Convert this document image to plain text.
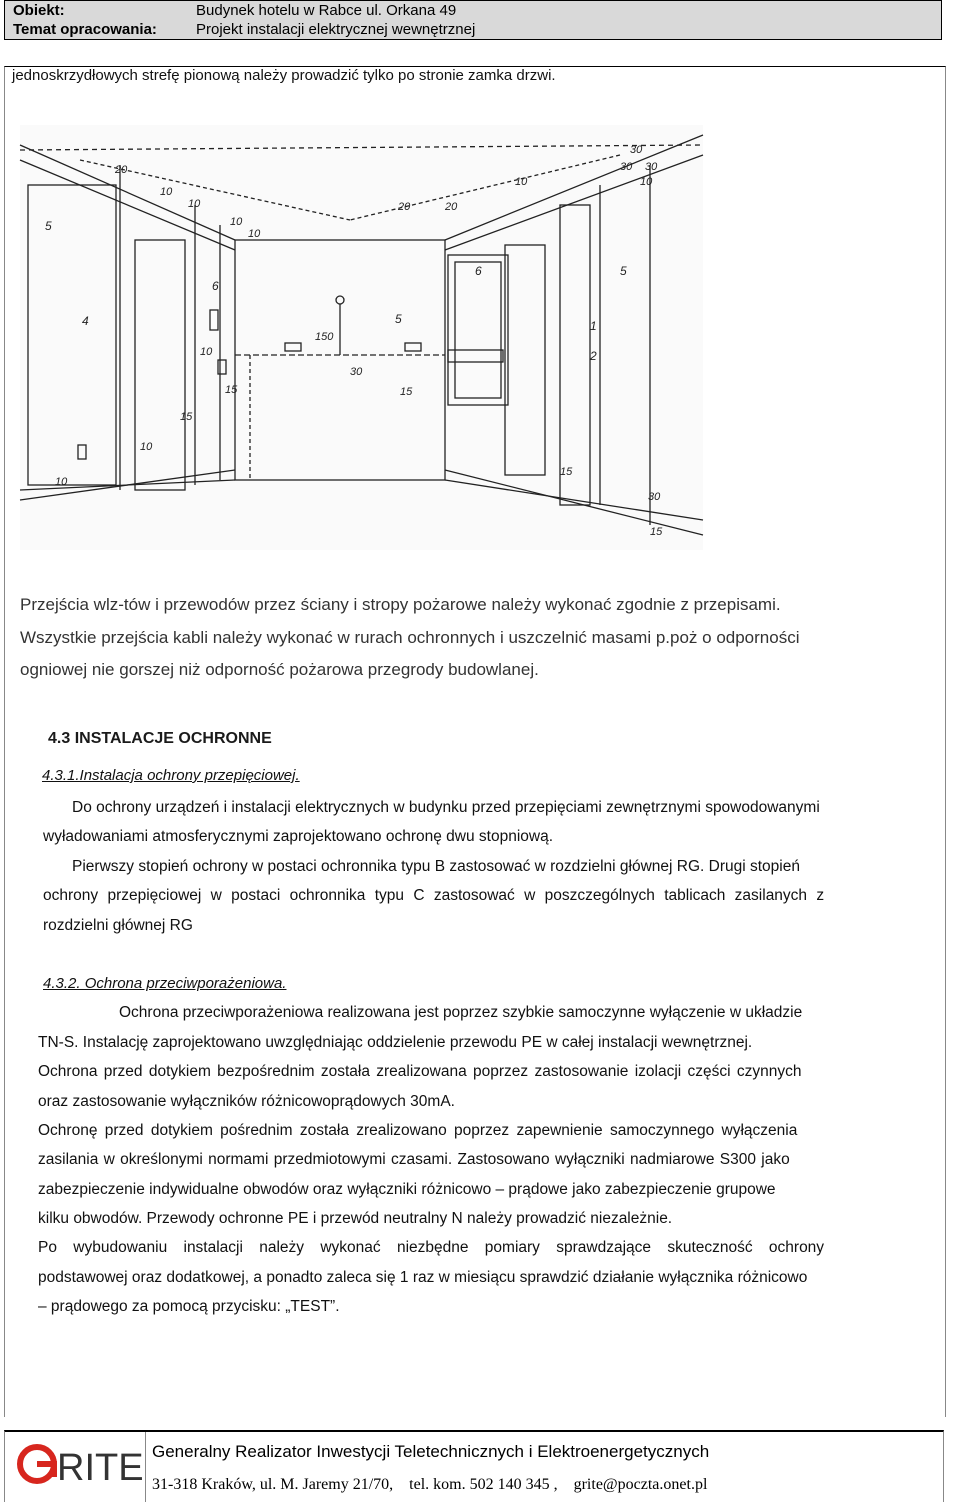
Obiekt:	Budynek hotelu w Rabce ul. Orkana 49
Temat opracowania:	Projekt instalacji elektrycznej wewnętrznej
jednoskrzydłowych strefę pionową należy prowadzić tylko po stronie zamka drzwi.
20
10
10
10
20	20
10
30
10
10
30
30
150
30
15
15
15
10
10
10
15
30
15
4
6
5	1
2
5
6
5
Przejścia wlz-tów i przewodów przez ściany i stropy pożarowe należy wykonać zgodnie z przepisami.
Wszystkie przejścia kabli należy wykonać w rurach ochronnych i uszczelnić masami p.poż o odporności
ogniowej nie gorszej niż odporność pożarowa przegrody budowlanej.
4.3 INSTALACJE OCHRONNE
4.3.1.Instalacja ochrony przepięciowej.
Do ochrony urządzeń i instalacji elektrycznych w budynku przed przepięciami zewnętrznymi spowodowanymi
wyładowaniami atmosferycznymi zaprojektowano ochronę dwu stopniową.
Pierwszy stopień ochrony w postaci ochronnika typu B zastosować w rozdzielni głównej RG. Drugi stopień
ochrony przepięciowej w postaci ochronnika typu C zastosować w poszczególnych tablicach zasilanych z
rozdzielni głównej RG
4.3.2. Ochrona przeciwporażeniowa.
Ochrona przeciwporażeniowa realizowana jest poprzez szybkie samoczynne wyłączenie w układzie
TN-S. Instalację zaprojektowano uwzględniając oddzielenie przewodu PE w całej instalacji wewnętrznej.
Ochrona przed dotykiem bezpośrednim została zrealizowana poprzez zastosowanie izolacji części czynnych
oraz zastosowanie wyłączników różnicowoprądowych 30mA.
Ochronę przed dotykiem pośrednim została zrealizowano poprzez zapewnienie samoczynnego wyłączenia
zasilania w określonymi normami przedmiotowymi czasami. Zastosowano wyłączniki nadmiarowe S300 jako
zabezpieczenie indywidualne obwodów oraz wyłączniki różnicowo – prądowe jako zabezpieczenie grupowe
kilku obwodów. Przewody ochronne PE i przewód neutralny N należy prowadzić niezależnie.
Po wybudowaniu instalacji należy wykonać niezbędne pomiary sprawdzające skuteczność ochrony
podstawowej oraz dodatkowej, a ponadto zaleca się 1 raz w miesiącu sprawdzić działanie wyłącznika różnicowo
– prądowego za pomocą przycisku: „TEST”.
RITE Generalny Realizator Inwestycji Teletechnicznych i Elektroenergetycznych
31-318 Kraków, ul. M. Jaremy 21/70, tel. kom. 502 140 345 , grite@poczta.onet.pl
